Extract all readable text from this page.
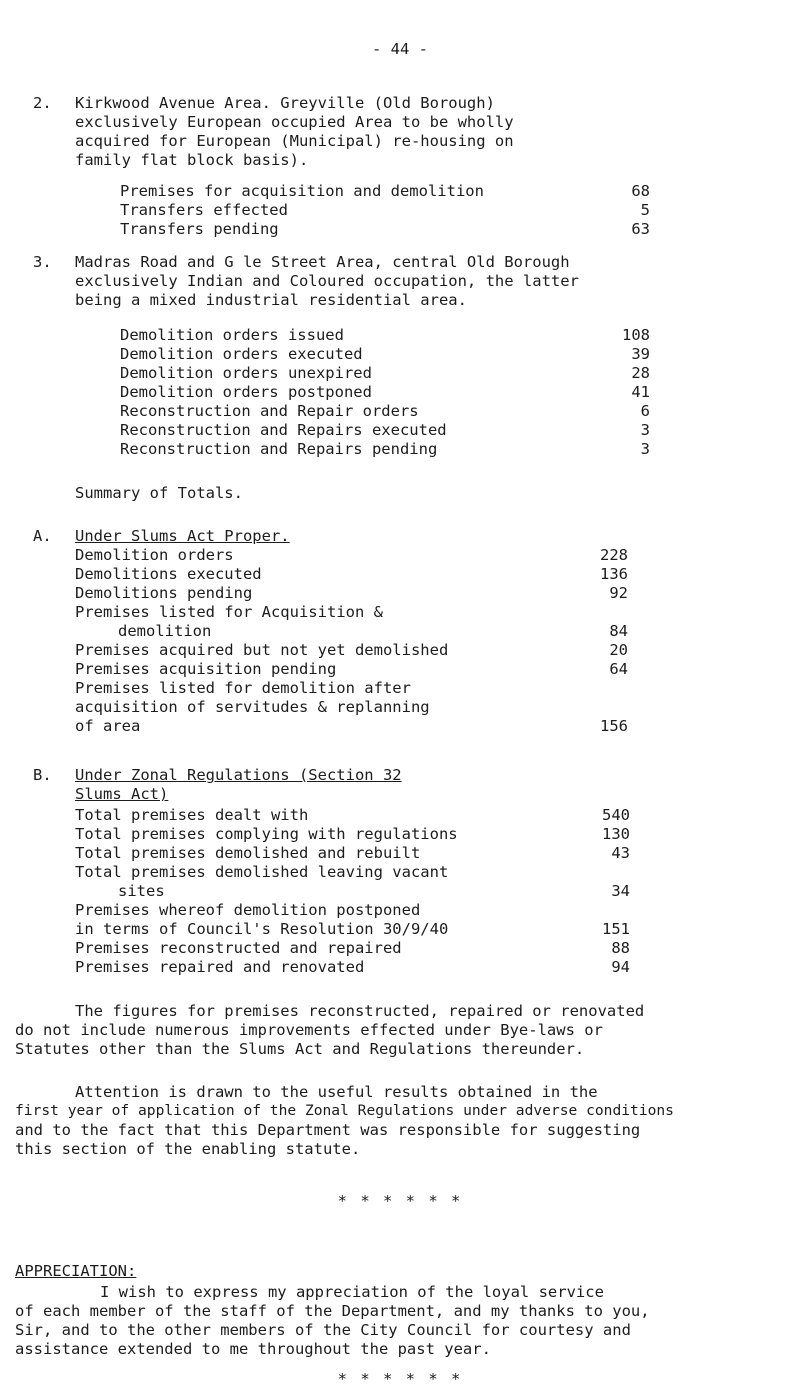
- 44 -
2. Kirkwood Avenue Area. Greyville (Old Borough)
exclusively European occupied Area to be wholly
acquired for European (Municipal) re-housing on
family flat block basis).
Premises for acquisition and demolition	68
Transfers effected	5
Transfers pending	63
3. Madras Road and G le Street Area, central Old Borough
exclusively Indian and Coloured occupation, the latter
being a mixed industrial residential area.
Demolition orders issued	108
Demolition orders executed	39
Demolition orders unexpired	28
Demolition orders postponed	41
Reconstruction and Repair orders	6
Reconstruction and Repairs executed	3
Reconstruction and Repairs pending	3
Summary of Totals.
A. Under Slums Act Proper.
Demolition orders	228
Demolitions executed	136
Demolitions pending	92
Premises listed for Acquisition &
demolition	84
Premises acquired but not yet demolished	20
Premises acquisition pending	64
Premises listed for demolition after
acquisition of servitudes & replanning
of area	156
B. Under Zonal Regulations (Section 32
Slums Act)
Total premises dealt with	540
Total premises complying with regulations	130
Total premises demolished and rebuilt	43
Total premises demolished leaving vacant
sites	34
Premises whereof demolition postponed
in terms of Council's Resolution 30/9/40	151
Premises reconstructed and repaired	88
Premises repaired and renovated	94
The figures for premises reconstructed, repaired or renovated
do not include numerous improvements effected under Bye-laws or
Statutes other than the Slums Act and Regulations thereunder.
Attention is drawn to the useful results obtained in the
first year of application of the Zonal Regulations under adverse conditions
and to the fact that this Department was responsible for suggesting
this section of the enabling statute.
* * * * * *
APPRECIATION:
I wish to express my appreciation of the loyal service
of each member of the staff of the Department, and my thanks to you,
Sir, and to the other members of the City Council for courtesy and
assistance extended to me throughout the past year.
* * * * * *
